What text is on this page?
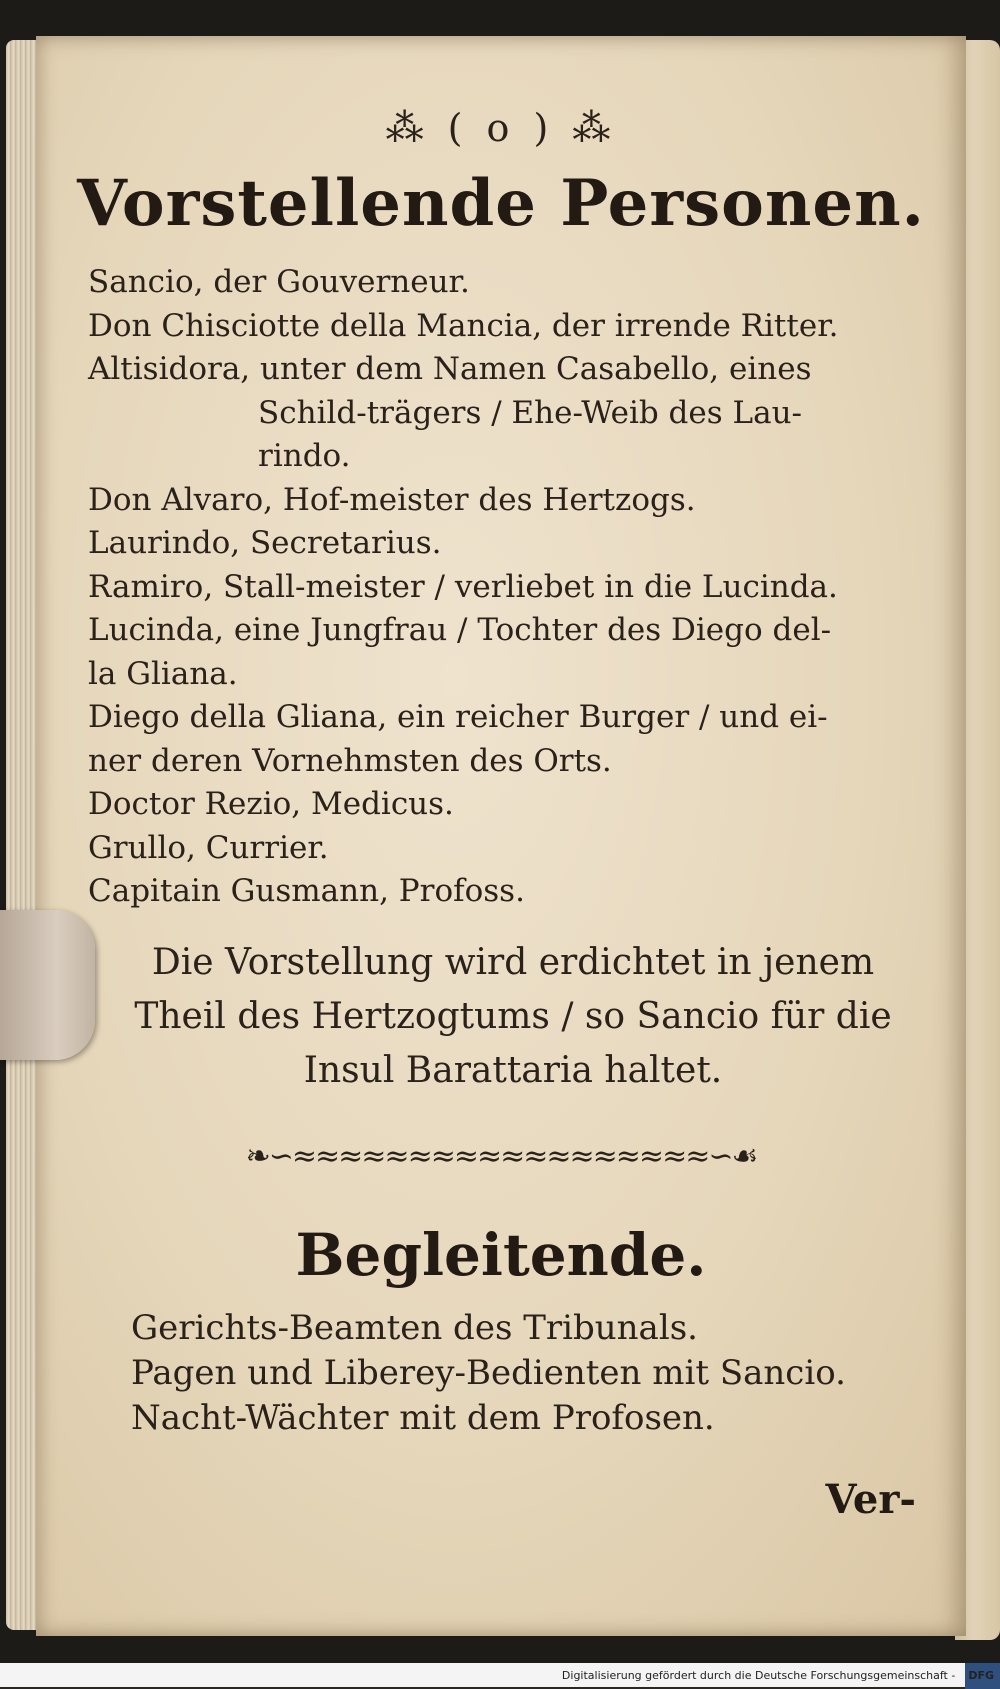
⁂ ( o ) ⁂
Vorstellende Personen.
Sancio, der Gouverneur.
Don Chisciotte della Mancia, der irrende Ritter.
Altisidora, unter dem Namen Casabello, eines
Schild-trägers / Ehe-Weib des Lau-
rindo.
Don Alvaro, Hof-meister des Hertzogs.
Laurindo, Secretarius.
Ramiro, Stall-meister / verliebet in die Lucinda.
Lucinda, eine Jungfrau / Tochter des Diego del-
la Gliana.
Diego della Gliana, ein reicher Burger / und ei-
ner deren Vornehmsten des Orts.
Doctor Rezio, Medicus.
Grullo, Currier.
Capitain Gusmann, Profoss.
Die Vorstellung wird erdichtet in jenem
Theil des Hertzogtums / so Sancio für die
Insul Barattaria haltet.
❧∽≈≈≈≈≈≈≈≈≈≈≈≈≈≈≈≈≈≈∽☙
Begleitende.
Gerichts-Beamten des Tribunals.
Pagen und Liberey-Bedienten mit Sancio.
Nacht-Wächter mit dem Profosen.
Ver-
Digitalisierung gefördert durch die Deutsche Forschungsgemeinschaft - DFG
